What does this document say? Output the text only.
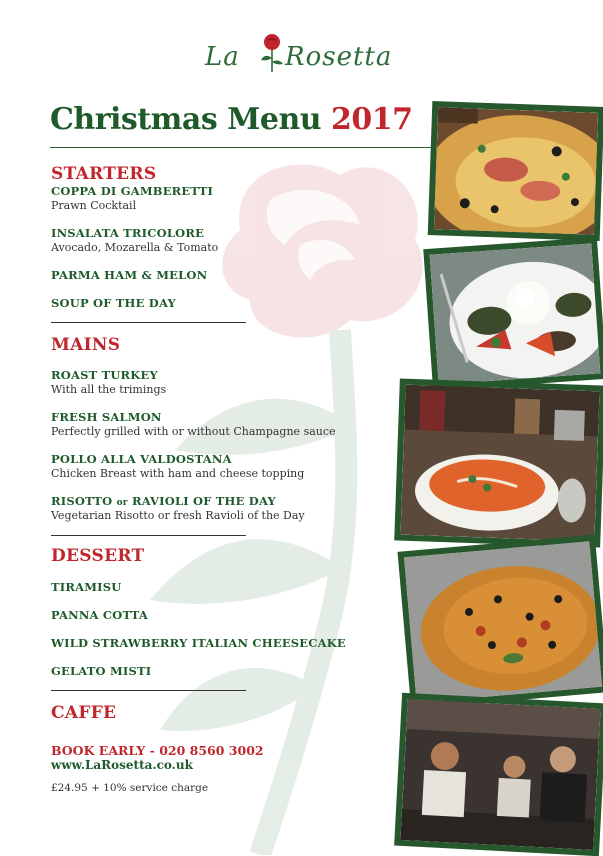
La Rosetta
Christmas Menu 2017
STARTERS
COPPA DI GAMBERETTI
Prawn Cocktail
INSALATA TRICOLORE
Avocado, Mozarella & Tomato
PARMA HAM & MELON
SOUP OF THE DAY
MAINS
ROAST TURKEY
With all the trimings
FRESH SALMON
Perfectly grilled with or without Champagne sauce
POLLO ALLA VALDOSTANA
Chicken Breast with ham and cheese topping
RISOTTO or RAVIOLI OF THE DAY
Vegetarian Risotto or fresh Ravioli of the Day
DESSERT
TIRAMISU
PANNA COTTA
WILD STRAWBERRY ITALIAN CHEESECAKE
GELATO MISTI
CAFFE
BOOK EARLY - 020 8560 3002
www.LaRosetta.co.uk
£24.95 + 10% service charge
